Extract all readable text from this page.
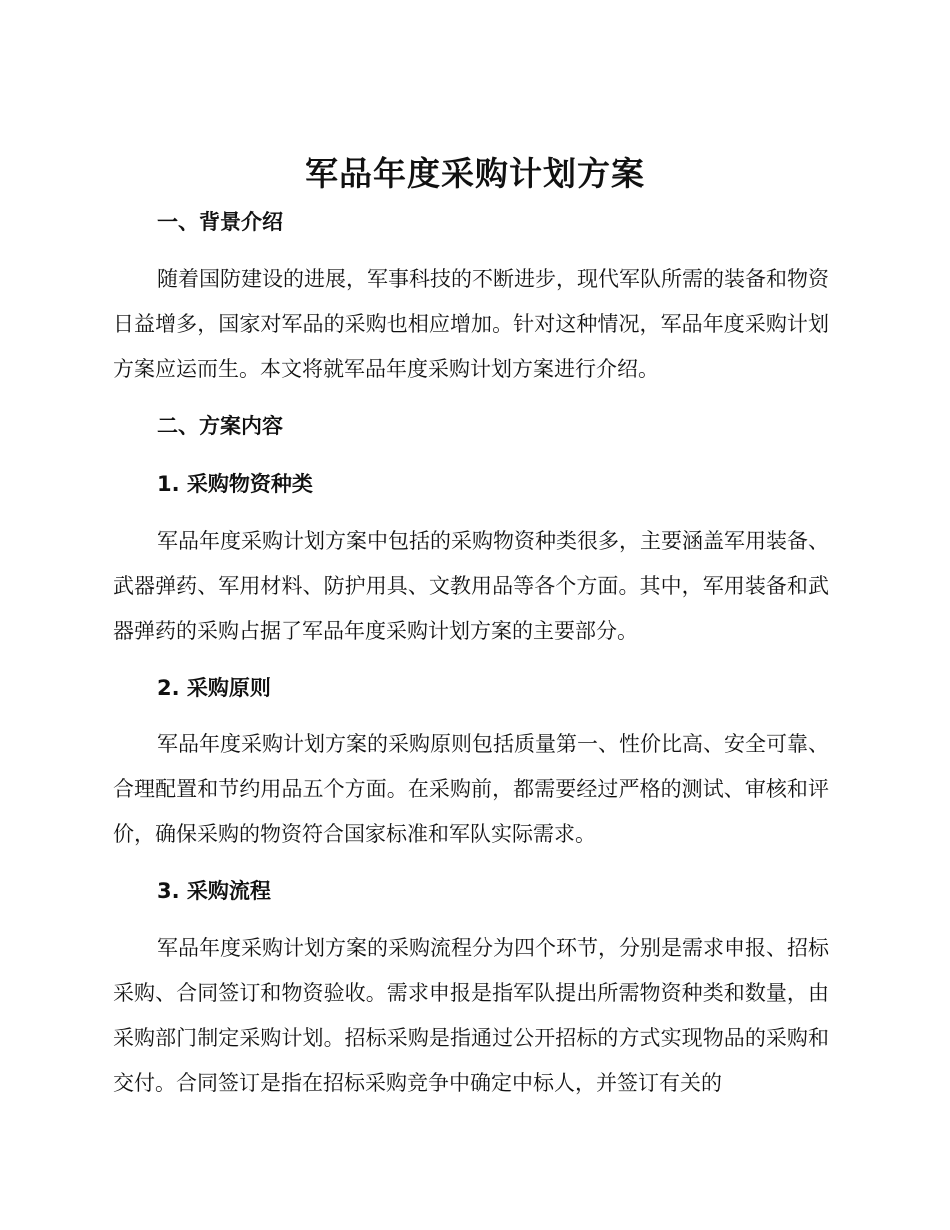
军品年度采购计划方案
一、背景介绍

随着国防建设的进展，军事科技的不断进步，现代军队所需的装备和物资日益增多，国家对军品的采购也相应增加。针对这种情况，军品年度采购计划方案应运而生。本文将就军品年度采购计划方案进行介绍。

二、方案内容
1. 采购物资种类

军品年度采购计划方案中包括的采购物资种类很多，主要涵盖军用装备、武器弹药、军用材料、防护用具、文教用品等各个方面。其中，军用装备和武器弹药的采购占据了军品年度采购计划方案的主要部分。

2. 采购原则

军品年度采购计划方案的采购原则包括质量第一、性价比高、安全可靠、合理配置和节约用品五个方面。在采购前，都需要经过严格的测试、审核和评价，确保采购的物资符合国家标准和军队实际需求。

3. 采购流程

军品年度采购计划方案的采购流程分为四个环节，分别是需求申报、招标采购、合同签订和物资验收。需求申报是指军队提出所需物资种类和数量，由采购部门制定采购计划。招标采购是指通过公开招标的方式实现物品的采购和交付。合同签订是指在招标采购竞争中确定中标人，并签订有关的
